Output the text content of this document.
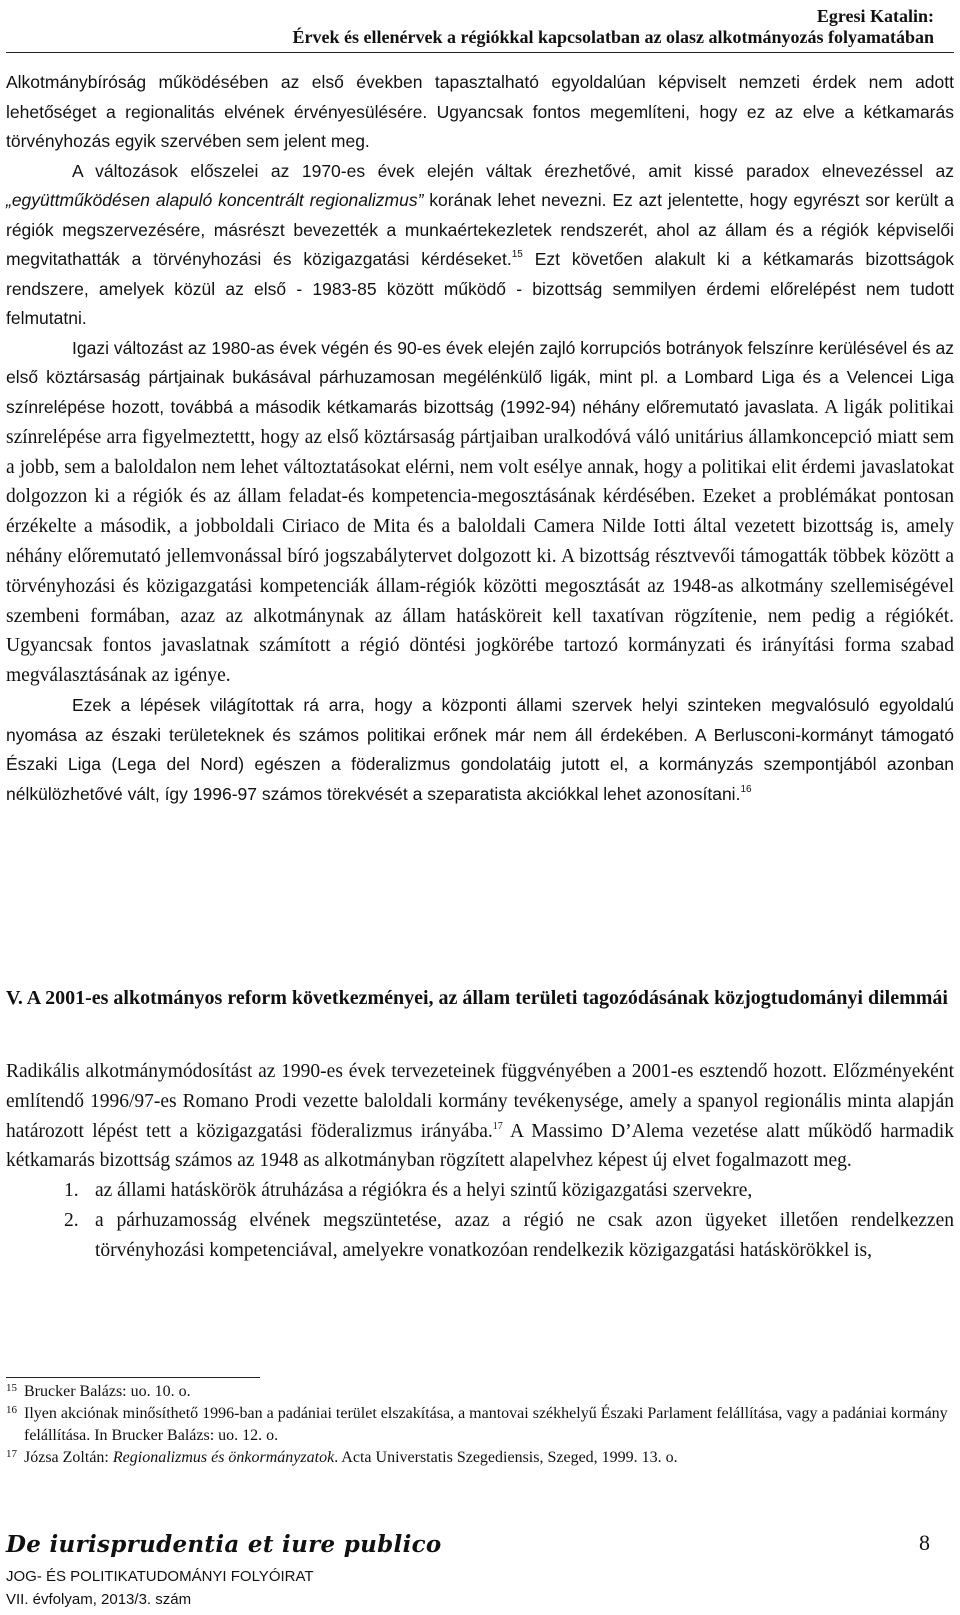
Egresi Katalin:
Érvek és ellenérvek a régiókkal kapcsolatban az olasz alkotmányozás folyamatában

Alkotmánybíróság működésében az első években tapasztalható egyoldalúan képviselt nemzeti érdek nem adott lehetőséget a regionalitás elvének érvényesülésére. Ugyancsak fontos megemlíteni, hogy ez az elve a kétkamarás törvényhozás egyik szervében sem jelent meg.

A változások előszelei az 1970-es évek elején váltak érezhetővé, amit kissé paradox elnevezéssel az „együttműködésen alapuló koncentrált regionalizmus” korának lehet nevezni. Ez azt jelentette, hogy egyrészt sor került a régiók megszervezésére, másrészt bevezették a munkaértekezletek rendszerét, ahol az állam és a régiók képviselői megvitathatták a törvényhozási és közigazgatási kérdéseket.$^{15}$ Ezt követően alakult ki a kétkamarás bizottságok rendszere, amelyek közül az első - 1983-85 között működő - bizottság semmilyen érdemi előrelépést nem tudott felmutatni.

Igazi változást az 1980-as évek végén és 90-es évek elején zajló korrupciós botrányok felszínre kerülésével és az első köztársaság pártjainak bukásával párhuzamosan megélénkülő ligák, mint pl. a Lombard Liga és a Velencei Liga színrelépése hozott, továbbá a második kétkamarás bizottság (1992-94) néhány előremutató javaslata. A ligák politikai színrelépése arra figyelmeztettt, hogy az első köztársaság pártjaiban uralkodóvá váló unitárius államkoncepció miatt sem a jobb, sem a baloldalon nem lehet változtatásokat elérni, nem volt esélye annak, hogy a politikai elit érdemi javaslatokat dolgozzon ki a régiók és az állam feladat-és kompetencia-megosztásának kérdésében. Ezeket a problémákat pontosan érzékelte a második, a jobboldali Ciriaco de Mita és a baloldali Camera Nilde Iotti által vezetett bizottság is, amely néhány előremutató jellemvonással bíró jogszabálytervet dolgozott ki. A bizottság résztvevői támogatták többek között a törvényhozási és közigazgatási kompetenciák állam-régiók közötti megosztását az 1948-as alkotmány szellemiségével szembeni formában, azaz az alkotmánynak az állam hatásköreit kell taxatívan rögzítenie, nem pedig a régiókét. Ugyancsak fontos javaslatnak számított a régió döntési jogkörébe tartozó kormányzati és irányítási forma szabad megválasztásának az igénye.

Ezek a lépések világítottak rá arra, hogy a központi állami szervek helyi szinteken megvalósuló egyoldalú nyomása az északi területeknek és számos politikai erőnek már nem áll érdekében. A Berlusconi-kormányt támogató Északi Liga (Lega del Nord) egészen a föderalizmus gondolatáig jutott el, a kormányzás szempontjából azonban nélkülözhetővé vált, így 1996-97 számos törekvését a szeparatista akciókkal lehet azonosítani.$^{16}$

V. A 2001-es alkotmányos reform következményei, az állam területi tagozódásának közjogtudományi dilemmái

Radikális alkotmánymódosítást az 1990-es évek tervezeteinek függvényében a 2001-es esztendő hozott. Előzményeként említendő 1996/97-es Romano Prodi vezette baloldali kormány tevékenysége, amely a spanyol regionális minta alapján határozott lépést tett a közigazgatási föderalizmus irányába.$^{17}$ A Massimo D’Alema vezetése alatt működő harmadik kétkamarás bizottság számos az 1948 as alkotmányban rögzített alapelvhez képest új elvet fogalmazott meg.

1. az állami hatáskörök átruházása a régiókra és a helyi szintű közigazgatási szervekre,
2. a párhuzamosság elvének megszüntetése, azaz a régió ne csak azon ügyeket illetően rendelkezzen törvényhozási kompetenciával, amelyekre vonatkozóan rendelkezik közigazgatási hatáskörökkel is,
15 Brucker Balázs: uo. 10. o.
16 Ilyen akciónak minősíthető 1996-ban a padániai terület elszakítása, a mantovai székhelyű Északi Parlament felállítása, vagy a padániai kormány felállítása. In Brucker Balázs: uo. 12. o.
17 Józsa Zoltán: Regionalizmus és önkormányzatok. Acta Universtatis Szegediensis, Szeged, 1999. 13. o.
De iurisprudentia et iure publico	8
JOG- ÉS POLITIKATUDOMÁNYI FOLYÓIRAT
VII. évfolyam, 2013/3. szám
